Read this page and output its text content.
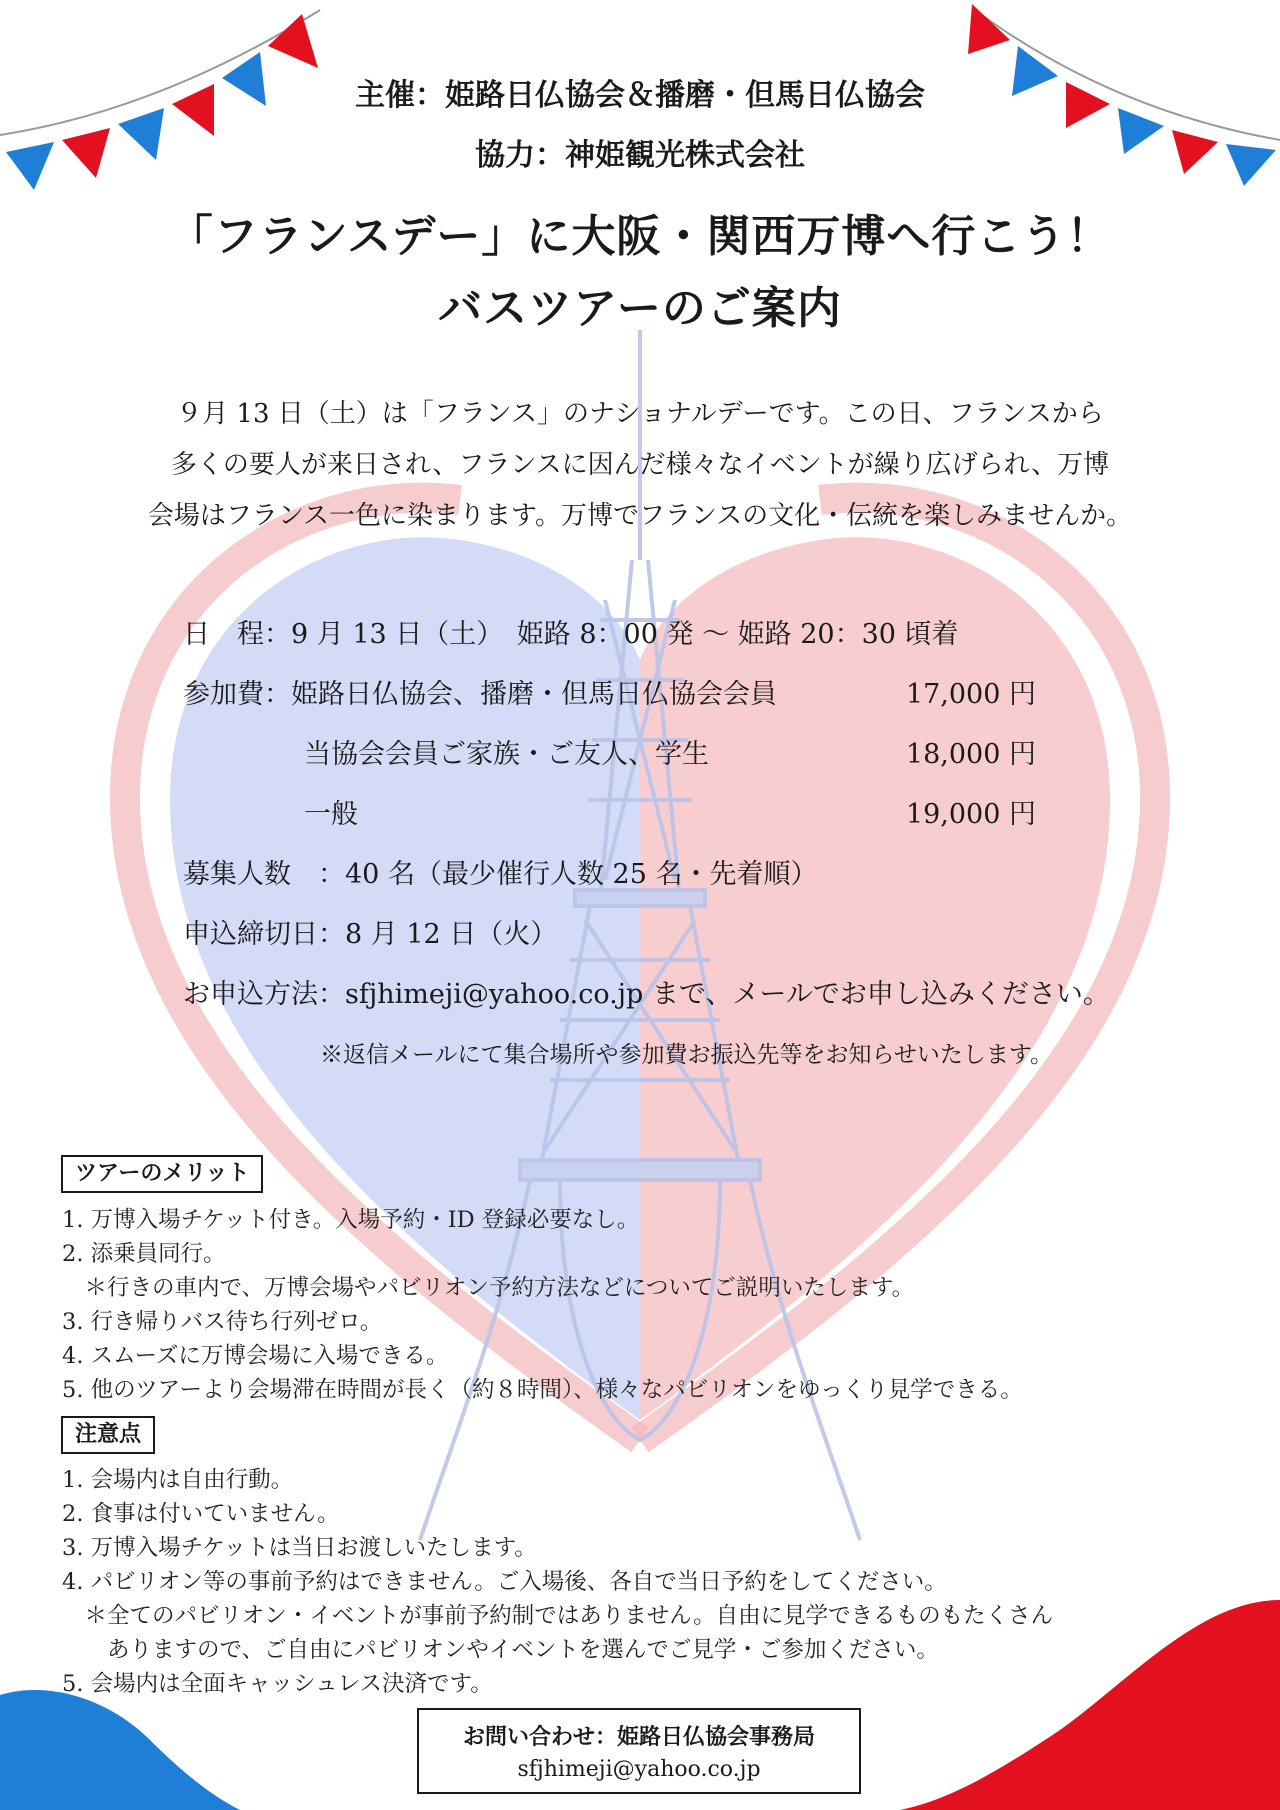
主催：姫路日仏協会＆播磨・但馬日仏協会
協力：神姫観光株式会社
「フランスデー」に大阪・関西万博へ行こう！
バスツアーのご案内
９月 13 日（土）は「フランス」のナショナルデーです。この日、フランスから
多くの要人が来日され、フランスに因んだ様々なイベントが繰り広げられ、万博
会場はフランス一色に染まります。万博でフランスの文化・伝統を楽しみませんか。
日　程：9 月 13 日（土）　姫路 8：00 発 ～ 姫路 20：30 頃着
参加費：姫路日仏協会、播磨・但馬日仏協会会員	17,000 円
当協会会員ご家族・ご友人、学生	18,000 円
一般	19,000 円
募集人数　：40 名（最少催行人数 25 名・先着順）
申込締切日：8 月 12 日（火）
お申込方法：sfjhimeji@yahoo.co.jp まで、メールでお申し込みください。
※返信メールにて集合場所や参加費お振込先等をお知らせいたします。
ツアーのメリット
1. 万博入場チケット付き。入場予約・ID 登録必要なし。
2. 添乗員同行。
　＊行きの車内で、万博会場やパビリオン予約方法などについてご説明いたします。
3. 行き帰りバス待ち行列ゼロ。
4. スムーズに万博会場に入場できる。
5. 他のツアーより会場滞在時間が長く（約８時間）、様々なパビリオンをゆっくり見学できる。
注意点
1. 会場内は自由行動。
2. 食事は付いていません。
3. 万博入場チケットは当日お渡しいたします。
4. パビリオン等の事前予約はできません。ご入場後、各自で当日予約をしてください。
　＊全てのパビリオン・イベントが事前予約制ではありません。自由に見学できるものもたくさん
　　ありますので、ご自由にパビリオンやイベントを選んでご見学・ご参加ください。
5. 会場内は全面キャッシュレス決済です。
お問い合わせ：姫路日仏協会事務局
sfjhimeji@yahoo.co.jp
